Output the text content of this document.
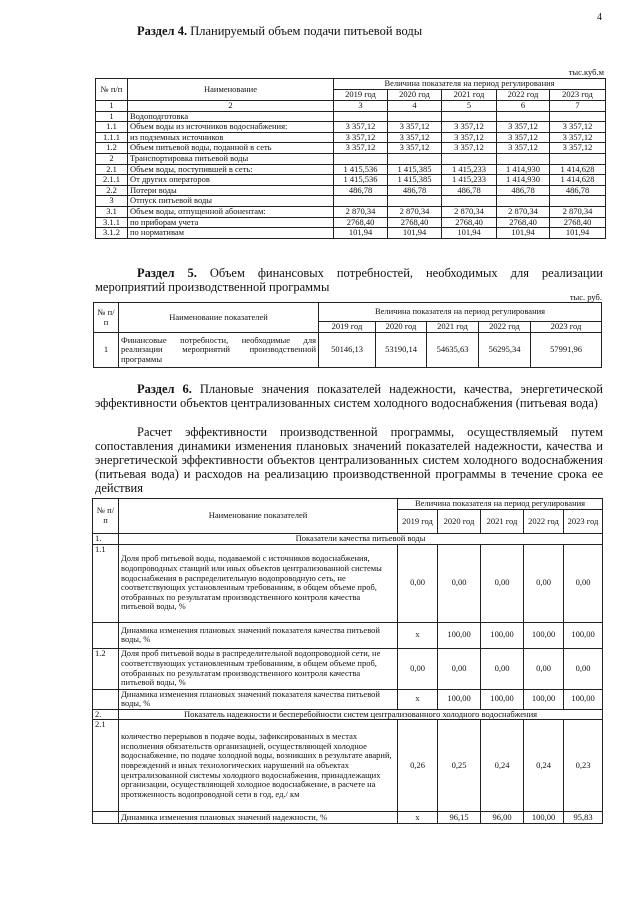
4
Раздел 4. Планируемый объем подачи питьевой воды
тыс.куб.м
№ п/п	Наименование	Величина показателя на период регулирования				
		2019 год	2020 год	2021 год	2022 год	2023 год
1	2	3	4	5	6	7
1	Водоподготовка					
1.1	Объем воды из источников водоснабжения:	3 357,12	3 357,12	3 357,12	3 357,12	3 357,12
1.1.1	из подземных источников	3 357,12	3 357,12	3 357,12	3 357,12	3 357,12
1.2	Объем питьевой воды, поданной в сеть	3 357,12	3 357,12	3 357,12	3 357,12	3 357,12
2	Транспортировка питьевой воды					
2.1	Объем воды, поступившей в сеть:	1 415,536	1 415,385	1 415,233	1 414,930	1 414,628
2.1.1	От других операторов	1 415,536	1 415,385	1 415,233	1 414,930	1 414,628
2.2	Потери воды	486,78	486,78	486,78	486,78	486,78
3	Отпуск питьевой воды					
3.1	Объем воды, отпущенной абонентам:	2 870,34	2 870,34	2 870,34	2 870,34	2 870,34
3.1.1	по приборам учета	2768,40	2768,40	2768,40	2768,40	2768,40
3.1.2	по нормативам	101,94	101,94	101,94	101,94	101,94
Раздел 5. Объем финансовых потребностей, необходимых для реализации мероприятий производственной программы
тыс. руб.
№ п/п	Наименование показателей	Величина показателя на период регулирования				
		2019 год	2020 год	2021 год	2022 год	2023 год
1	Финансовые потребности, необходимые для реализации мероприятий производственной программы	50146,13	53190,14	54635,63	56295,34	57991,96
Раздел 6. Плановые значения показателей надежности, качества, энергетической эффективности объектов централизованных систем холодного водоснабжения (питьевая вода)
Расчет эффективности производственной программы, осуществляемый путем сопоставления динамики изменения плановых значений показателей надежности, качества и энергетической эффективности объектов централизованных систем холодного водоснабжения (питьевая вода) и расходов на реализацию производственной программы в течение срока ее действия
№ п/п	Наименование показателей	Величина показателя на период регулирования				
		2019 год	2020 год	2021 год	2022 год	2023 год
1.	Показатели качества питьевой воды					
1.1	Доля проб питьевой воды, подаваемой с источников водоснабжения, водопроводных станций или иных объектов централизованной системы водоснабжения в распределительную водопроводную сеть, не соответствующих установленным требованиям, в общем объеме проб, отобранных по результатам производственного контроля качества питьевой воды, %	0,00	0,00	0,00	0,00	0,00
	Динамика изменения плановых значений показателя качества питьевой воды, %	х	100,00	100,00	100,00	100,00
1.2	Доля проб питьевой воды в распределительной водопроводной сети, не соответствующих установленным требованиям, в общем объеме проб, отобранных по результатам производственного контроля качества питьевой воды, %	0,00	0,00	0,00	0,00	0,00
	Динамика изменения плановых значений показателя качества питьевой воды, %	х	100,00	100,00	100,00	100,00
2.	Показатель надежности и бесперебойности систем централизованного холодного водоснабжения					
2.1	количество перерывов в подаче воды, зафиксированных в местах исполнения обязательств организацией, осуществляющей холодное водоснабжение, по подаче холодной воды, возникших в результате аварий, повреждений и иных технологических нарушений на объектах централизованной системы холодного водоснабжения, принадлежащих организации, осуществляющей холодное водоснабжение, в расчете на протяженность водопроводной сети в год, ед./ км	0,26	0,25	0,24	0,24	0,23
	Динамика изменения плановых значений надежности, %	х	96,15	96,00	100,00	95,83
